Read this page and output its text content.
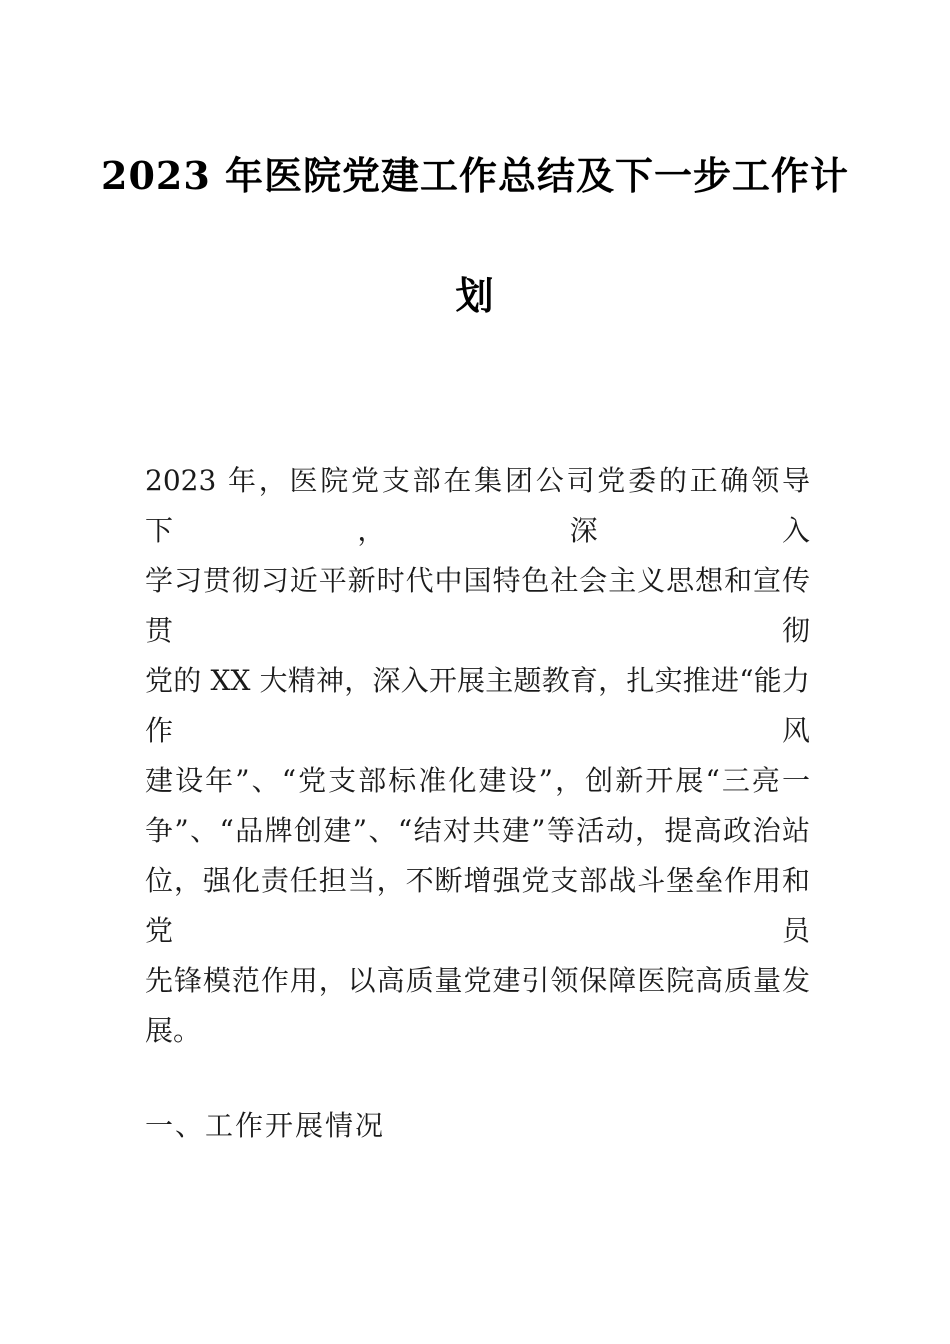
2023 年医院党建工作总结及下一步工作计
划
2023 年，医院党支部在集团公司党委的正确领导下，深入
学习贯彻习近平新时代中国特色社会主义思想和宣传贯彻
党的 XX 大精神，深入开展主题教育，扎实推进“能力作风
建设年”、“党支部标准化建设”，创新开展“三亮一
争”、“品牌创建”、“结对共建”等活动，提高政治站
位，强化责任担当，不断增强党支部战斗堡垒作用和党员
先锋模范作用，以高质量党建引领保障医院高质量发展。
一、工作开展情况
